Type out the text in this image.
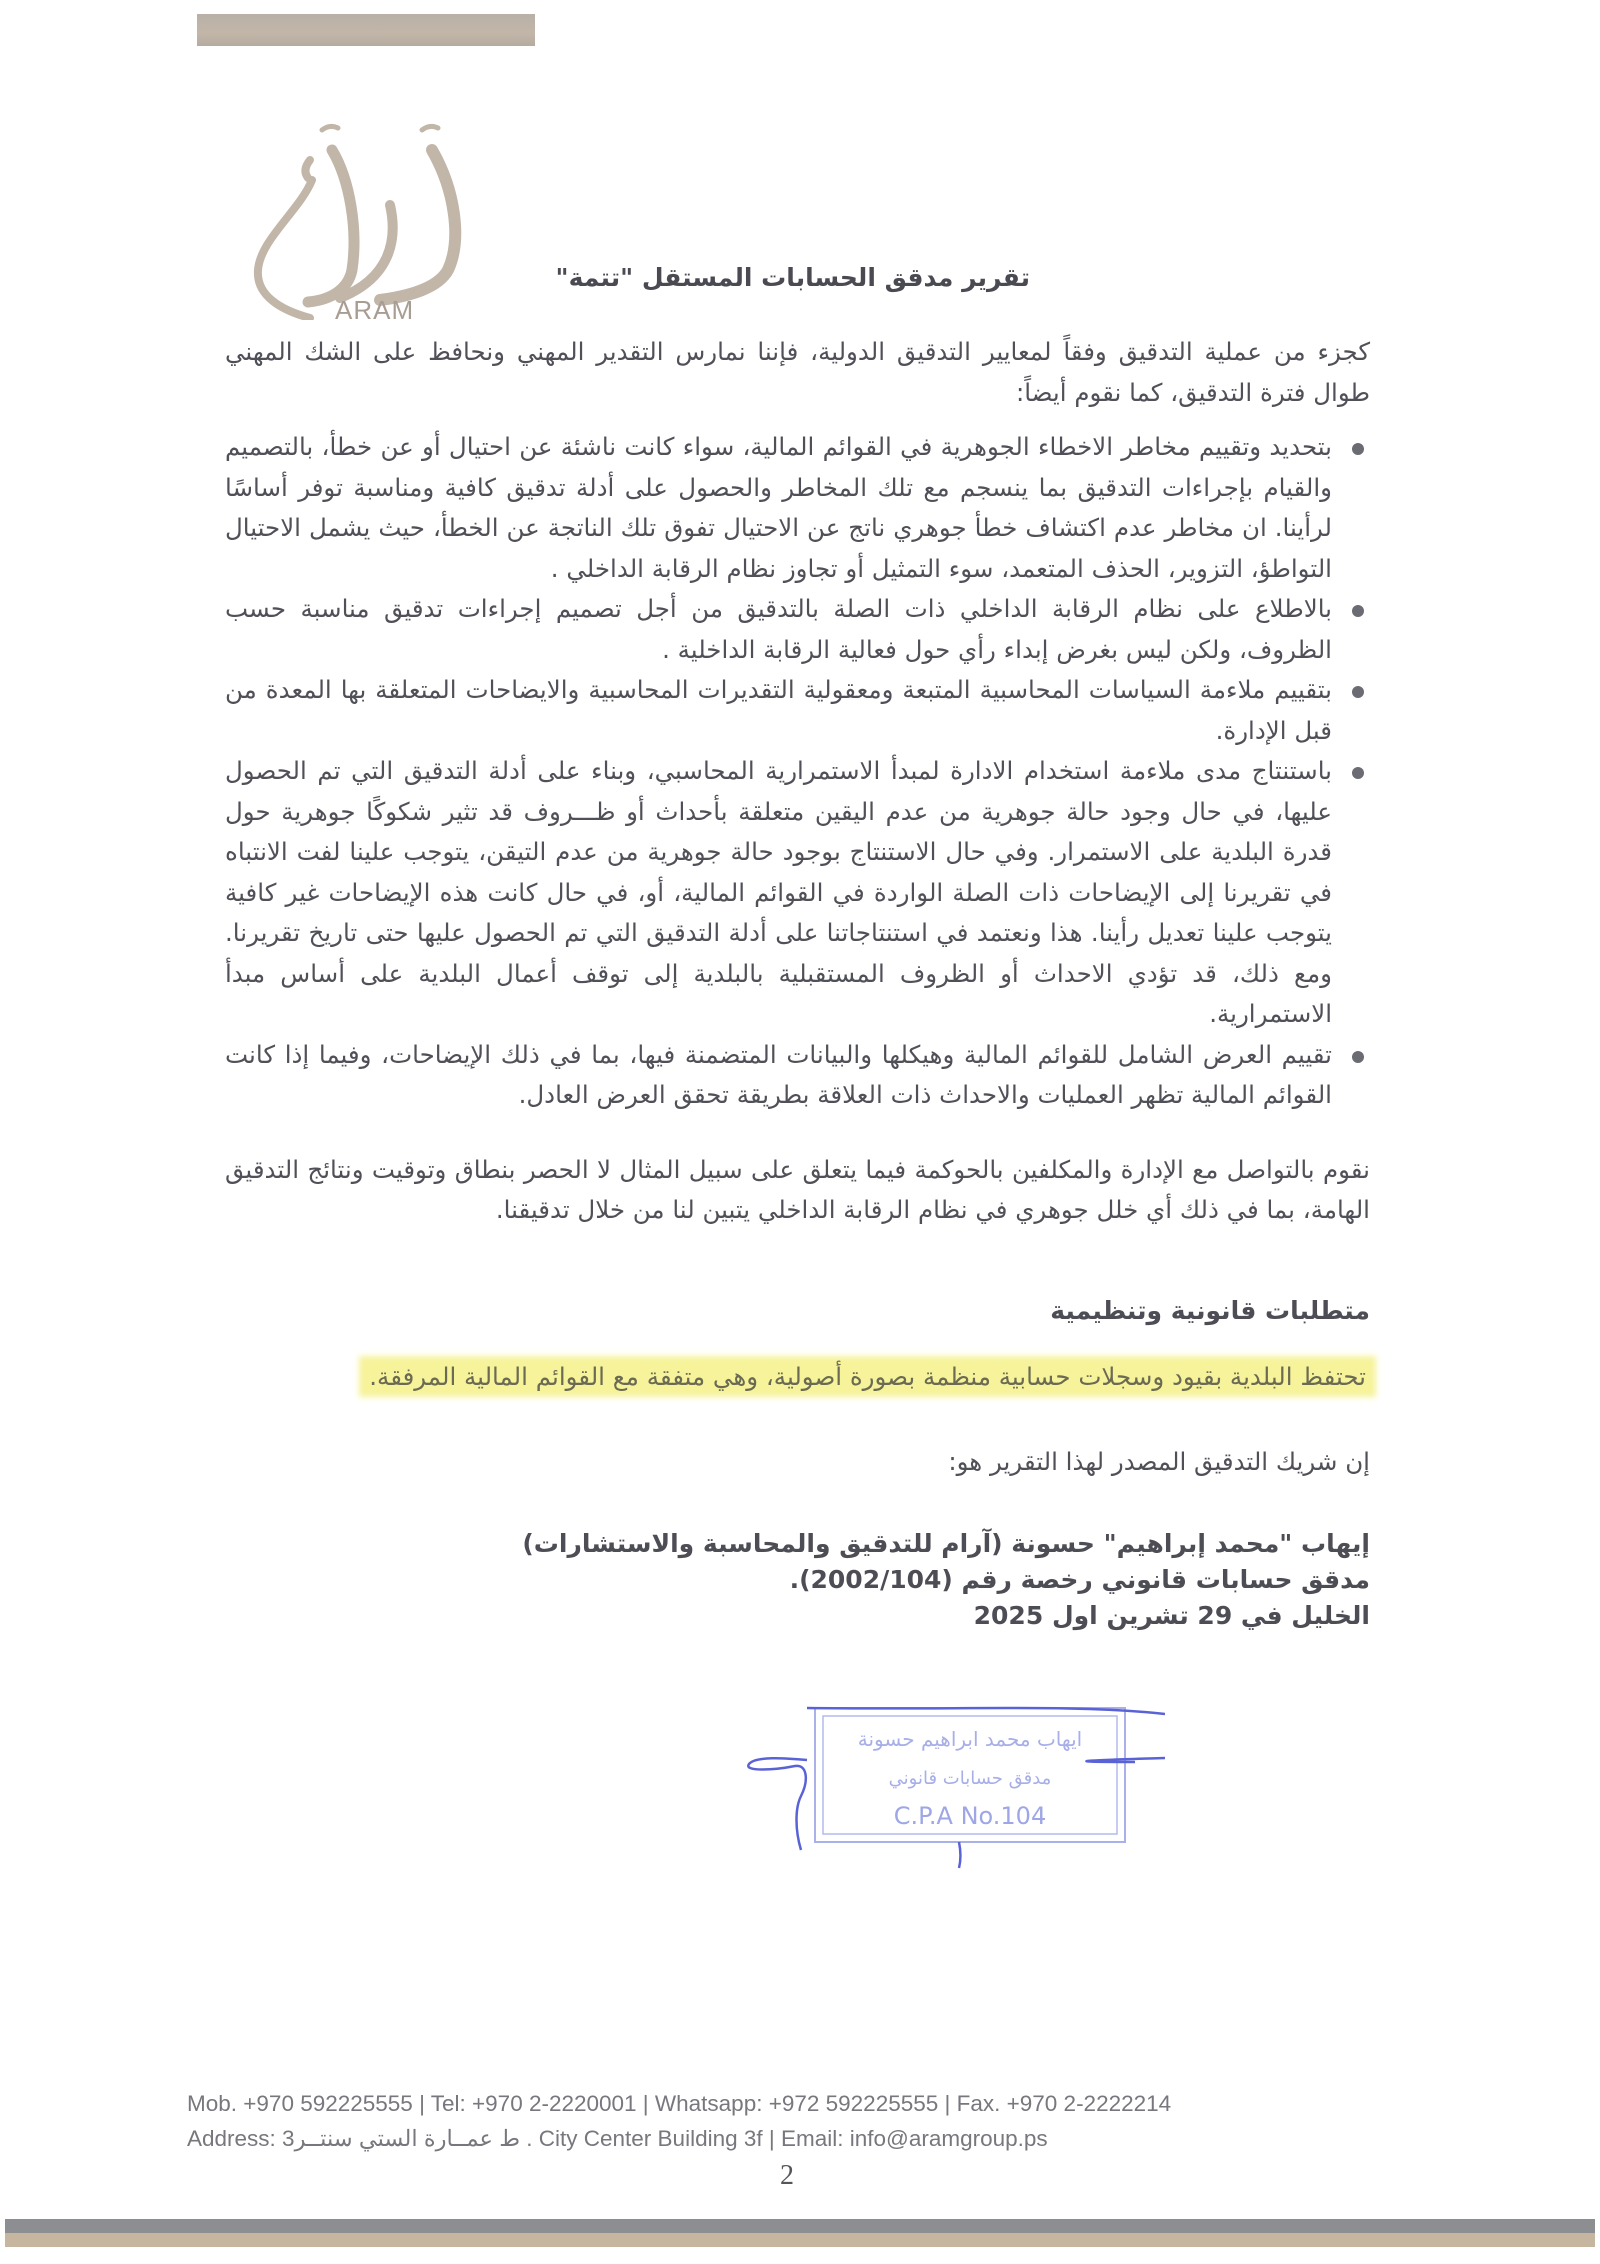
ARAM
تقرير مدقق الحسابات المستقل "تتمة"

كجزء من عملية التدقيق وفقاً لمعايير التدقيق الدولية، فإننا نمارس التقدير المهني ونحافظ على الشك المهني طوال فترة التدقيق، كما نقوم أيضاً:

بتحديد وتقييم مخاطر الاخطاء الجوهرية في القوائم المالية، سواء كانت ناشئة عن احتيال أو عن خطأ، بالتصميم والقيام بإجراءات التدقيق بما ينسجم مع تلك المخاطر والحصول على أدلة تدقيق كافية ومناسبة توفر أساسًا لرأينا. ان مخاطر عدم اكتشاف خطأ جوهري ناتج عن الاحتيال تفوق تلك الناتجة عن الخطأ، حيث يشمل الاحتيال التواطؤ، التزوير، الحذف المتعمد، سوء التمثيل أو تجاوز نظام الرقابة الداخلي .
بالاطلاع على نظام الرقابة الداخلي ذات الصلة بالتدقيق من أجل تصميم إجراءات تدقيق مناسبة حسب الظروف، ولكن ليس بغرض إبداء رأي حول فعالية الرقابة الداخلية .
بتقييم ملاءمة السياسات المحاسبية المتبعة ومعقولية التقديرات المحاسبية والايضاحات المتعلقة بها المعدة من قبل الإدارة.
باستنتاج مدى ملاءمة استخدام الادارة لمبدأ الاستمرارية المحاسبي، وبناء على أدلة التدقيق التي تم الحصول عليها، في حال وجود حالة جوهرية من عدم اليقين متعلقة بأحداث أو ظـــروف قد تثير شكوكًا جوهرية حول قدرة البلدية على الاستمرار. وفي حال الاستنتاج بوجود حالة جوهرية من عدم التيقن، يتوجب علينا لفت الانتباه في تقريرنا إلى الإيضاحات ذات الصلة الواردة في القوائم المالية، أو، في حال كانت هذه الإيضاحات غير كافية يتوجب علينا تعديل رأينا. هذا ونعتمد في استنتاجاتنا على أدلة التدقيق التي تم الحصول عليها حتى تاريخ تقريرنا. ومع ذلك، قد تؤدي الاحداث أو الظروف المستقبلية بالبلدية إلى توقف أعمال البلدية على أساس مبدأ الاستمرارية.
تقييم العرض الشامل للقوائم المالية وهيكلها والبيانات المتضمنة فيها، بما في ذلك الإيضاحات، وفيما إذا كانت القوائم المالية تظهر العمليات والاحداث ذات العلاقة بطريقة تحقق العرض العادل.

نقوم بالتواصل مع الإدارة والمكلفين بالحوكمة فيما يتعلق على سبيل المثال لا الحصر بنطاق وتوقيت ونتائج التدقيق الهامة، بما في ذلك أي خلل جوهري في نظام الرقابة الداخلي يتبين لنا من خلال تدقيقنا.

متطلبات قانونية وتنظيمية

تحتفظ البلدية بقيود وسجلات حسابية منظمة بصورة أصولية، وهي متفقة مع القوائم المالية المرفقة.

إن شريك التدقيق المصدر لهذا التقرير هو:

إيهاب "محمد إبراهيم" حسونة (آرام للتدقيق والمحاسبة والاستشارات)
مدقق حسابات قانوني رخصة رقم (2002/104).
الخليل في 29 تشرين اول 2025
ايهاب محمد ابراهيم حسونة
مدقق حسابات قانوني
C.P.A No.104
Mob. +970 592225555 | Tel: +970 2-2220001 | Whatsapp: +972 592225555 | Fax. +970 2-2222214
Address: 3ط عمــارة الستي سنتــر . City Center Building 3f | Email: info@aramgroup.ps
2
